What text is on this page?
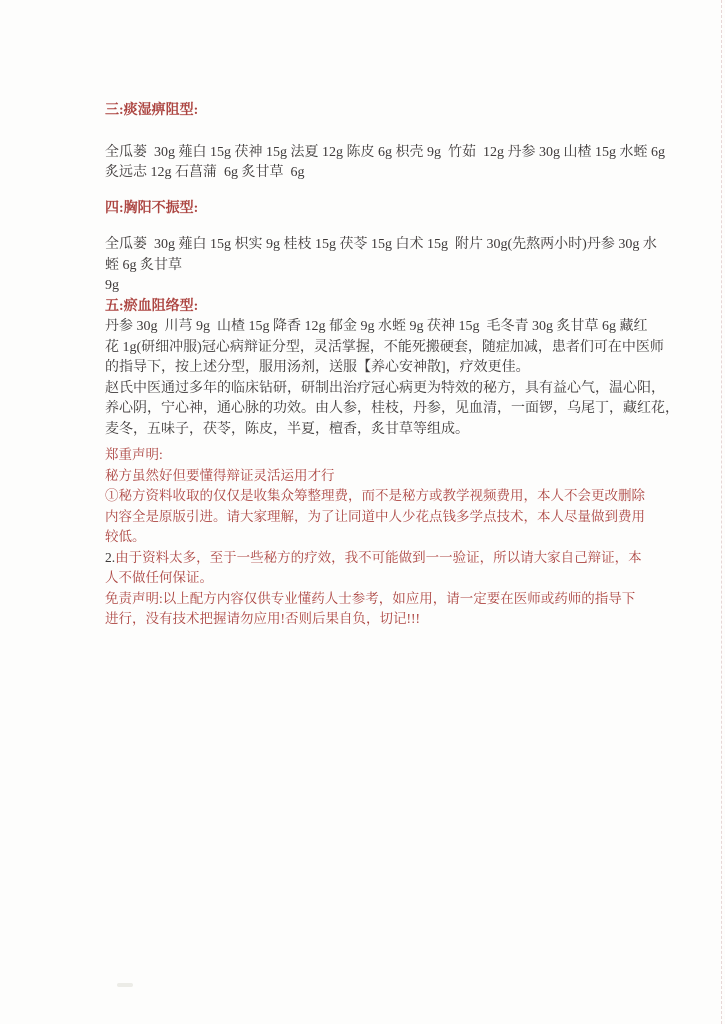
三:痰湿痹阻型:
全瓜蒌  30g 薤白 15g 茯神 15g 法夏 12g 陈皮 6g 枳壳 9g  竹茹  12g 丹参 30g 山楂 15g 水蛭 6g
炙远志 12g 石菖蒲  6g 炙甘草  6g
四:胸阳不振型:
全瓜蒌  30g 薤白 15g 枳实 9g 桂枝 15g 茯苓 15g 白术 15g  附片 30g(先熬两小时)丹参 30g 水
蛭 6g 炙甘草
9g
五:瘀血阻络型:
丹参 30g  川芎 9g  山楂 15g 降香 12g 郁金 9g 水蛭 9g 茯神 15g  毛冬青 30g 炙甘草 6g 藏红
花 1g(研细冲服)冠心病辩证分型，灵活掌握，不能死搬硬套，随症加减，患者们可在中医师
的指导下，按上述分型，服用汤剂，送服【养心安神散]，疗效更佳。
赵氏中医通过多年的临床钻研，研制出治疗冠心病更为特效的秘方，具有益心气，温心阳，
养心阴，宁心神，通心脉的功效。由人参，桂枝，丹参，见血清，一面锣，乌尾丁，藏红花，
麦冬，五味子，茯苓，陈皮，半夏，檀香，炙甘草等组成。
郑重声明:
秘方虽然好但要懂得辩证灵活运用才行
①秘方资料收取的仅仅是收集众筹整理费，而不是秘方或教学视频费用，本人不会更改删除
内容全是原版引进。请大家理解，为了让同道中人少花点钱多学点技术，本人尽量做到费用
较低。
2.由于资料太多，至于一些秘方的疗效，我不可能做到一一验证，所以请大家自己辩证，本
人不做任何保证。
免责声明:以上配方内容仅供专业懂药人士参考，如应用，请一定要在医师或药师的指导下
进行，没有技术把握请勿应用!否则后果自负，切记!!!
